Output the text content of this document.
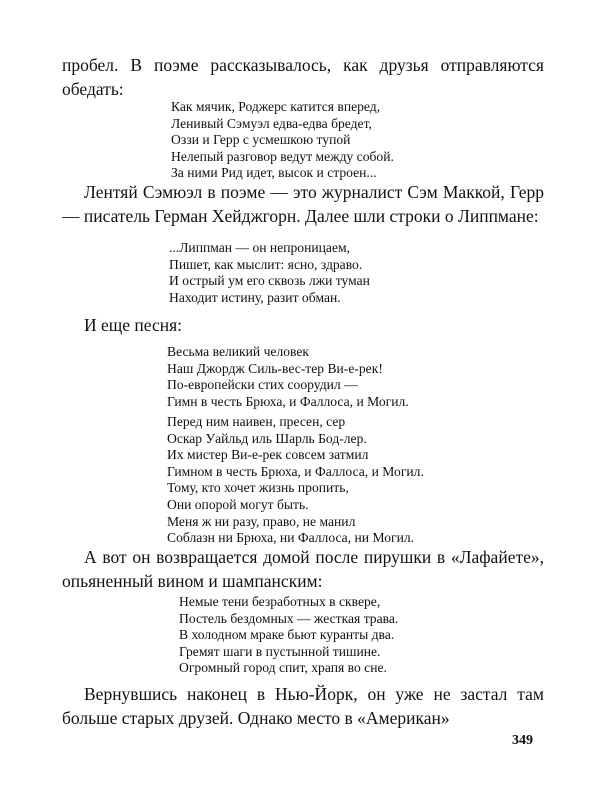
пробел. В поэме рассказывалось, как друзья отправляются обедать:

Как мячик, Роджерс катится вперед,
Ленивый Сэмуэл едва-едва бредет,
Оззи и Герр с усмешкою тупой
Нелепый разговор ведут между собой.
За ними Рид идет, высок и строен...

Лентяй Сэмюэл в поэме — это журналист Сэм Маккой, Герр — писатель Герман Хейджгорн. Далее шли строки о Липпмане:

...Липпман — он непроницаем,
Пишет, как мыслит: ясно, здраво.
И острый ум его сквозь лжи туман
Находит истину, разит обман.

И еще песня:

Весьма великий человек
Наш Джордж Силь-вес-тер Ви-е-рек!
По-европейски стих соорудил —
Гимн в честь Брюха, и Фаллоса, и Могил.
Перед ним наивен, пресен, сер
Оскар Уайльд иль Шарль Бод-лер.
Их мистер Ви-е-рек совсем затмил
Гимном в честь Брюха, и Фаллоса, и Могил.
Тому, кто хочет жизнь пропить,
Они опорой могут быть.
Меня ж ни разу, право, не манил
Соблазн ни Брюха, ни Фаллоса, ни Могил.

А вот он возвращается домой после пирушки в «Лафайете», опьяненный вином и шампанским:

Немые тени безработных в сквере,
Постель бездомных — жесткая трава.
В холодном мраке бьют куранты два.
Гремят шаги в пустынной тишине.
Огромный город спит, храпя во сне.

Вернувшись наконец в Нью-Йорк, он уже не застал там больше старых друзей. Однако место в «Американ»

349
